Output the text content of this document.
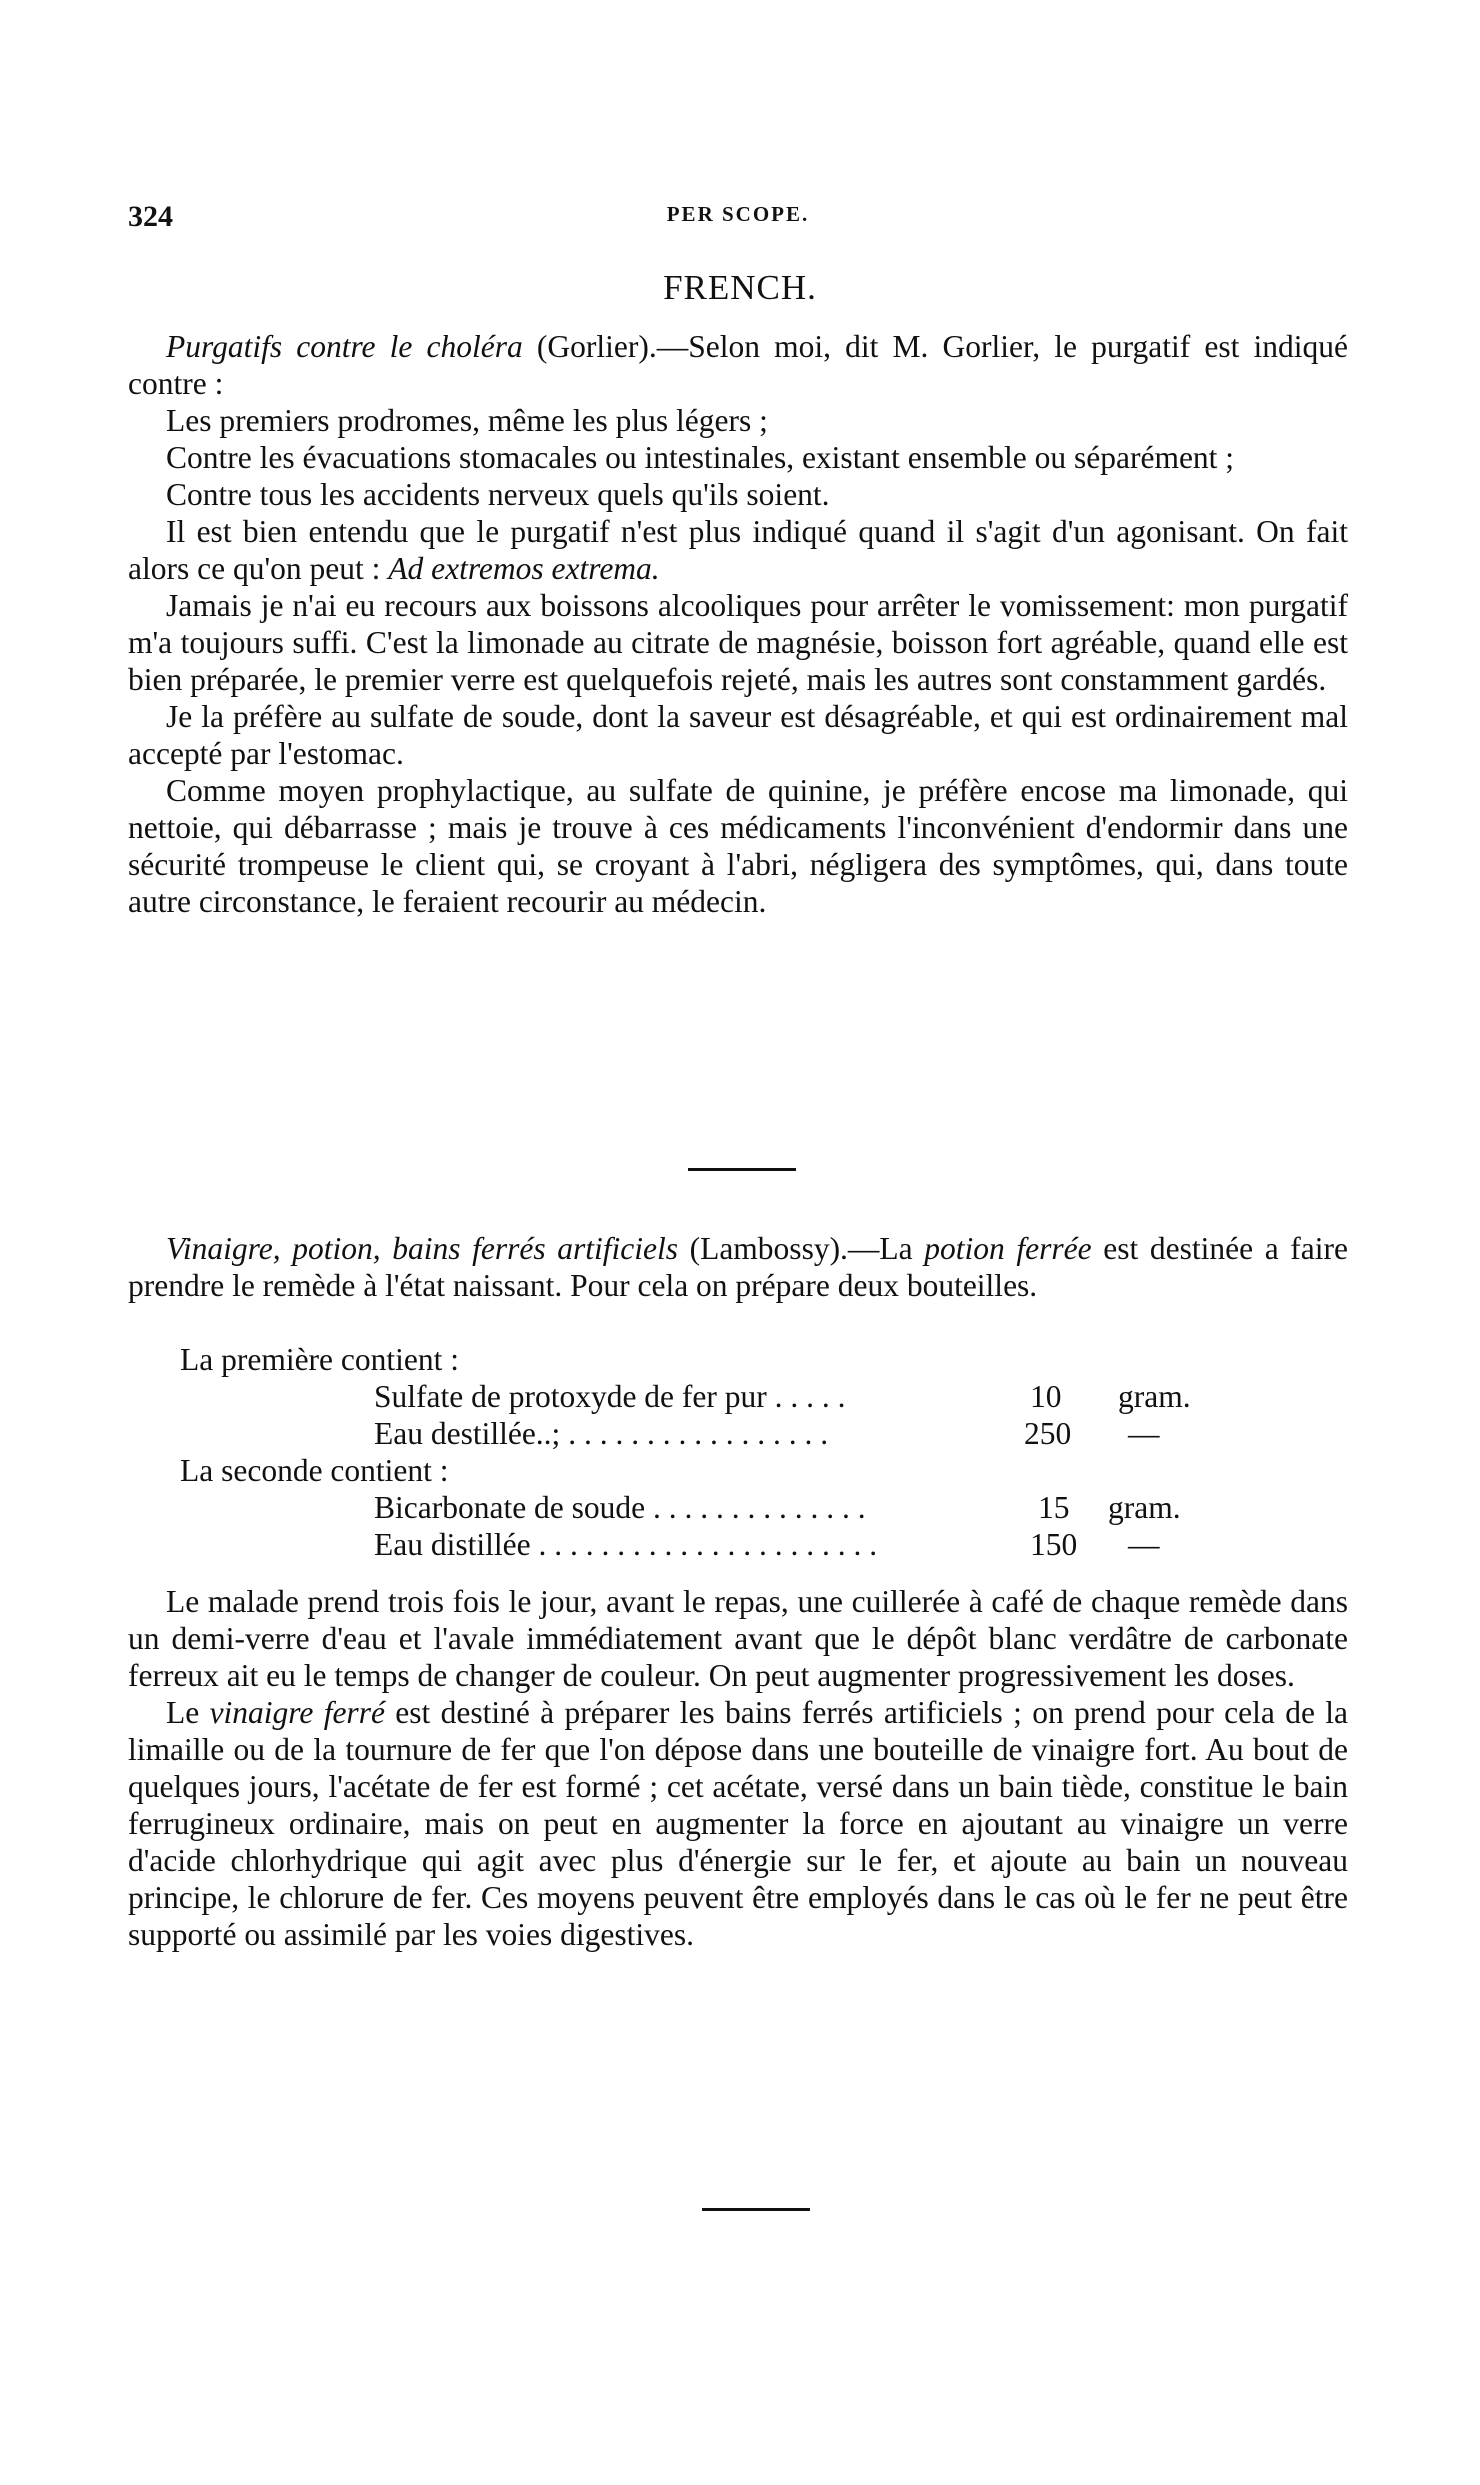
324	PER SCOPE.
FRENCH.

Purgatifs contre le choléra (Gorlier).—Selon moi, dit M. Gorlier, le purgatif est indiqué contre :

Les premiers prodromes, même les plus légers ;

Contre les évacuations stomacales ou intestinales, existant ensemble ou séparément ;

Contre tous les accidents nerveux quels qu'ils soient.

Il est bien entendu que le purgatif n'est plus indiqué quand il s'agit d'un agonisant. On fait alors ce qu'on peut : Ad extremos extrema.

Jamais je n'ai eu recours aux boissons alcooliques pour arrêter le vomissement: mon purgatif m'a toujours suffi. C'est la limonade au citrate de magnésie, boisson fort agréable, quand elle est bien préparée, le premier verre est quelquefois rejeté, mais les autres sont constamment gardés.

Je la préfère au sulfate de soude, dont la saveur est désagréable, et qui est ordinairement mal accepté par l'estomac.

Comme moyen prophylactique, au sulfate de quinine, je préfère encose ma limonade, qui nettoie, qui débarrasse ; mais je trouve à ces médicaments l'inconvénient d'endormir dans une sécurité trompeuse le client qui, se croyant à l'abri, négligera des symptômes, qui, dans toute autre circonstance, le feraient recourir au médecin.

Vinaigre, potion, bains ferrés artificiels (Lambossy).—La potion ferrée est destinée a faire prendre le remède à l'état naissant. Pour cela on prépare deux bouteilles.

La première contient :
Sulfate de protoxyde de fer pur . . . . .	10 gram.
Eau destillée..; . . . . . . . . . . . . . . . . .	250 —
La seconde contient :
Bicarbonate de soude . . . . . . . . . . . . . .	15 gram.
Eau distillée . . . . . . . . . . . . . . . . . . . . . .	150 —

Le malade prend trois fois le jour, avant le repas, une cuillerée à café de chaque remède dans un demi-verre d'eau et l'avale immédiatement avant que le dépôt blanc verdâtre de carbonate ferreux ait eu le temps de changer de couleur. On peut augmenter progressivement les doses.

Le vinaigre ferré est destiné à préparer les bains ferrés artificiels ; on prend pour cela de la limaille ou de la tournure de fer que l'on dépose dans une bouteille de vinaigre fort. Au bout de quelques jours, l'acétate de fer est formé ; cet acétate, versé dans un bain tiède, constitue le bain ferrugineux ordinaire, mais on peut en augmenter la force en ajoutant au vinaigre un verre d'acide chlorhydrique qui agit avec plus d'énergie sur le fer, et ajoute au bain un nouveau principe, le chlorure de fer. Ces moyens peuvent être employés dans le cas où le fer ne peut être supporté ou assimilé par les voies digestives.
